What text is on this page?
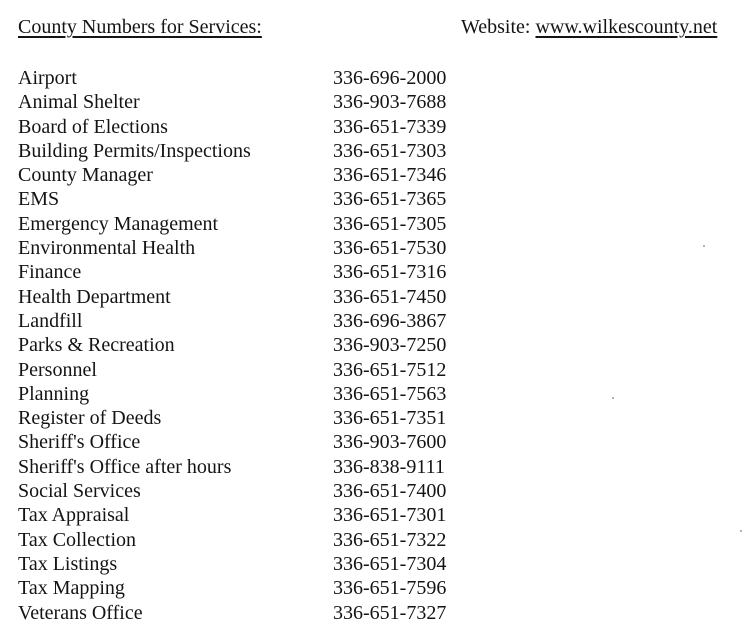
County Numbers for Services:	Website: www.wilkescounty.net
Airport	336-696-2000
Animal Shelter	336-903-7688
Board of Elections	336-651-7339
Building Permits/Inspections	336-651-7303
County Manager	336-651-7346
EMS	336-651-7365
Emergency Management	336-651-7305
Environmental Health	336-651-7530
Finance	336-651-7316
Health Department	336-651-7450
Landfill	336-696-3867
Parks & Recreation	336-903-7250
Personnel	336-651-7512
Planning	336-651-7563
Register of Deeds	336-651-7351
Sheriff's Office	336-903-7600
Sheriff's Office after hours	336-838-9111
Social Services	336-651-7400
Tax Appraisal	336-651-7301
Tax Collection	336-651-7322
Tax Listings	336-651-7304
Tax Mapping	336-651-7596
Veterans Office	336-651-7327
